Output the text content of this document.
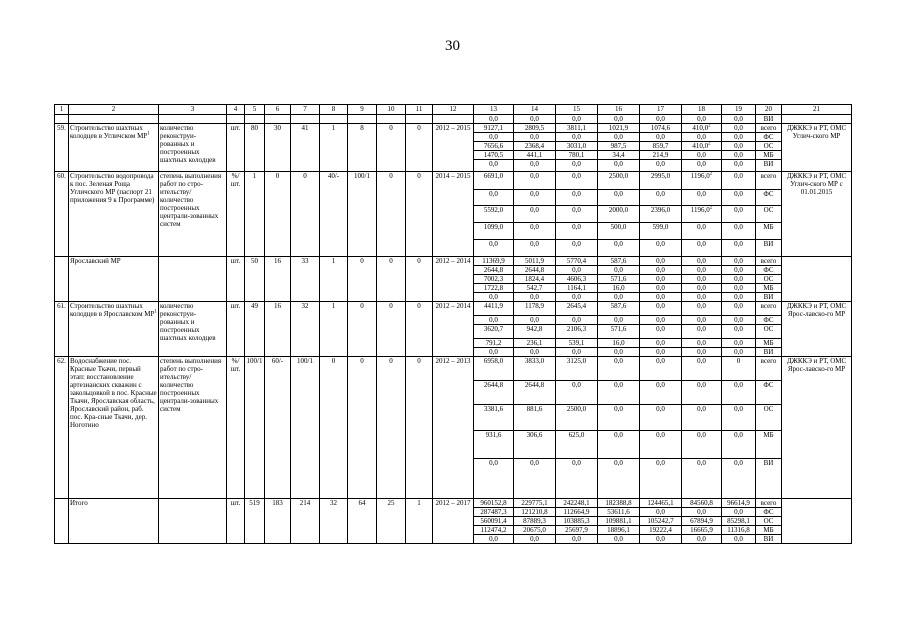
30
1	2	3	4	5	6	7	8	9	10	11	12	13	14	15	16	17	18	19	20	21
												0,0	0,0	0,0	0,0	0,0	0,0	0,0	ВИ	
59.	Строительство шахтных колодцев в Угличском $МР^1$	количество реконструи-рованных и построенных шахтных колодцев	шт.	80	30	41	1	8	0	0	2012 – 2015	9127,1	2809,5	3811,1	1021,9	1074,6	410,0$^2$	0,0	всего	ДЖККЭ и РТ, ОМС Углич-ского МР
												0,0	0,0	0,0	0,0	0,0	0,0	0,0	ФС	
												7656,6	2368,4	3031,0	987,5	859,7	410,0$^2$	0,0	ОС	
												1470,5	441,1	780,1	34,4	214,9	0,0	0,0	МБ	
												0,0	0,0	0,0	0,0	0,0	0,0	0,0	ВИ	
60.	Строительство водопровода к пос. Зеленая Роща Угличского МР (паспорт 21 приложения 9 к Программе)	степень выполнения работ по стро-ительству/ количество построенных централи-зованных систем	%/ шт.	1	0	0	40/-	100/1	0	0	2014 – 2015	6691,0	0,0	0,0	2500,0	2995,0	1196,0$^2$	0,0	всего	ДЖККЭ и РТ, ОМС Углич-ского МР с 01.01.2015
												0,0	0,0	0,0	0,0	0,0	0,0	0,0	ФС	
												5592,0	0,0	0,0	2000,0	2396,0	1196,0$^2$	0,0	ОС	
												1099,0	0,0	0,0	500,0	599,0	0,0	0,0	МБ	
												0,0	0,0	0,0	0,0	0,0	0,0	0,0	ВИ	
	Ярославский МР		шт.	50	16	33	1	0	0	0	2012 – 2014	11369,9	5011,9	5770,4	587,6	0,0	0,0	0,0	всего	
												2644,8	2644,8	0,0	0,0	0,0	0,0	0,0	ФС	
												7002,3	1824,4	4606,3	571,6	0,0	0,0	0,0	ОС	
												1722,8	542,7	1164,1	16,0	0,0	0,0	0,0	МБ	
												0,0	0,0	0,0	0,0	0,0	0,0	0,0	ВИ	
61.	Строительство шахтных колодцев в Ярославском $МР^1$	количество реконструи-рованных и построенных шахтных колодцев	шт.	49	16	32	1	0	0	0	2012 – 2014	4411,9	1178,9	2645,4	587,6	0,0	0,0	0,0	всего	ДЖККЭ и РТ, ОМС Ярос-лавско-го МР
												0,0	0,0	0,0	0,0	0,0	0,0	0,0	ФС	
												3620,7	942,8	2106,3	571,6	0,0	0,0	0,0	ОС	
												791,2	236,1	539,1	16,0	0,0	0,0	0,0	МБ	
												0,0	0,0	0,0	0,0	0,0	0,0	0,0	ВИ	
62.	Водоснабжение пос. Красные Ткачи, первый этап: восстановление артезианских скважин с закольцовкой в пос. Красные Ткачи, Ярославская область, Ярославский район, раб. пос. Кра-сные Ткачи, дер. Ноготино	степень выполнения работ по стро-ительству/ количество построенных централи-зованных систем	%/ шт.	100/1	60/-	100/1	0	0	0	0	2012 – 2013	6958,0	3833,0	3125,0	0,0	0,0	0,0	0	всего	ДЖККЭ и РТ, ОМС Ярос-лавско-го МР
												2644,8	2644,8	0,0	0,0	0,0	0,0	0,0	ФС	
												3381,6	881,6	2500,0	0,0	0,0	0,0	0,0	ОС	
												931,6	306,6	625,0	0,0	0,0	0,0	0,0	МБ	
												0,0	0,0	0,0	0,0	0,0	0,0	0,0	ВИ	
	Итого		шт.	519	183	214	32	64	25	1	2012 – 2017	960152,8	229775,1	242248,1	182388,8	124465,1	84560,8	96614,9	всего	
												287487,3	121210,8	112664,9	53611,6	0,0	0,0	0,0	ФС	
												560091,4	87889,3	103885,3	109881,1	105242,7	67894,9	85298,1	ОС	
												112474,2	20675,0	25697,9	18896,1	19222,4	16665,9	11316,8	МБ	
												0,0	0,0	0,0	0,0	0,0	0,0	0,0	ВИ	
